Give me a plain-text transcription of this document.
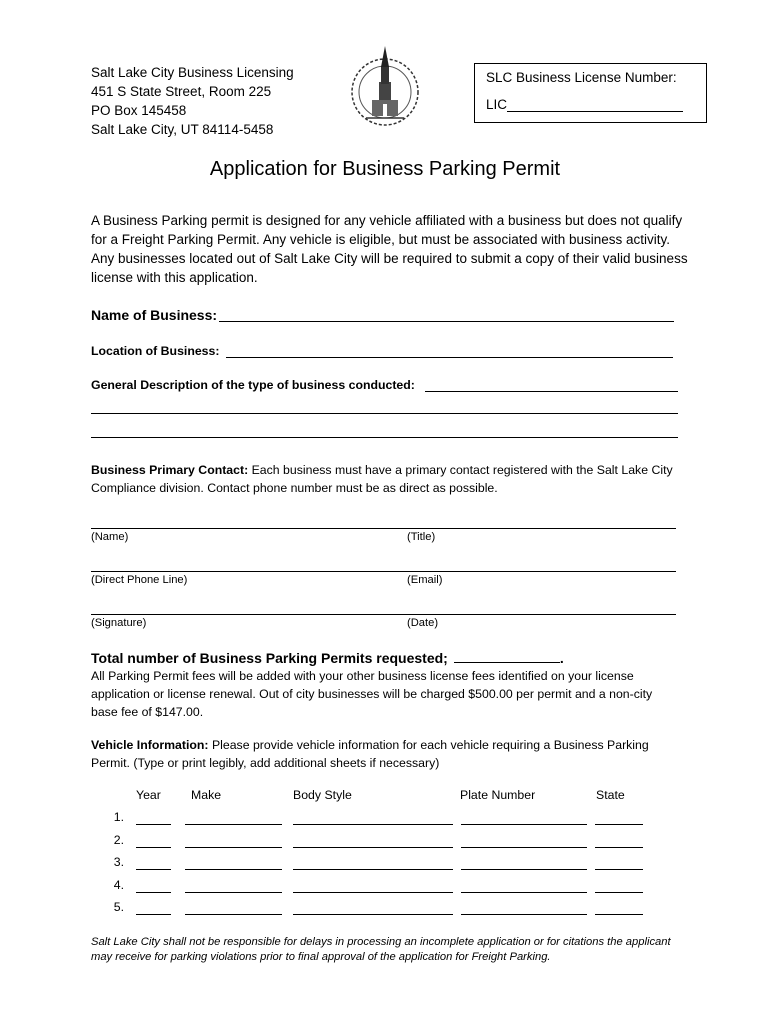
Salt Lake City Business Licensing
451 S State Street, Room 225
PO Box 145458
Salt Lake City, UT 84114-5458
SLC Business License Number:
LIC
Application for Business Parking Permit
A Business Parking permit is designed for any vehicle affiliated with a business but does not qualify for a Freight Parking Permit. Any vehicle is eligible, but must be associated with business activity. Any businesses located out of Salt Lake City will be required to submit a copy of their valid business license with this application.
Name of Business:
Location of Business:
General Description of the type of business conducted:
Business Primary Contact: Each business must have a primary contact registered with the Salt Lake City Compliance division. Contact phone number must be as direct as possible.
(Name)	(Title)
(Direct Phone Line)	(Email)
(Signature)	(Date)
Total number of Business Parking Permits requested;	.
All Parking Permit fees will be added with your other business license fees identified on your license application or license renewal. Out of city businesses will be charged $500.00 per permit and a non-city base fee of $147.00.
Vehicle Information: Please provide vehicle information for each vehicle requiring a Business Parking Permit. (Type or print legibly, add additional sheets if necessary)
Year Make	Body Style	Plate Number	State
1.
2.
3.
4.
5.
Salt Lake City shall not be responsible for delays in processing an incomplete application or for citations the applicant may receive for parking violations prior to final approval of the application for Freight Parking.
